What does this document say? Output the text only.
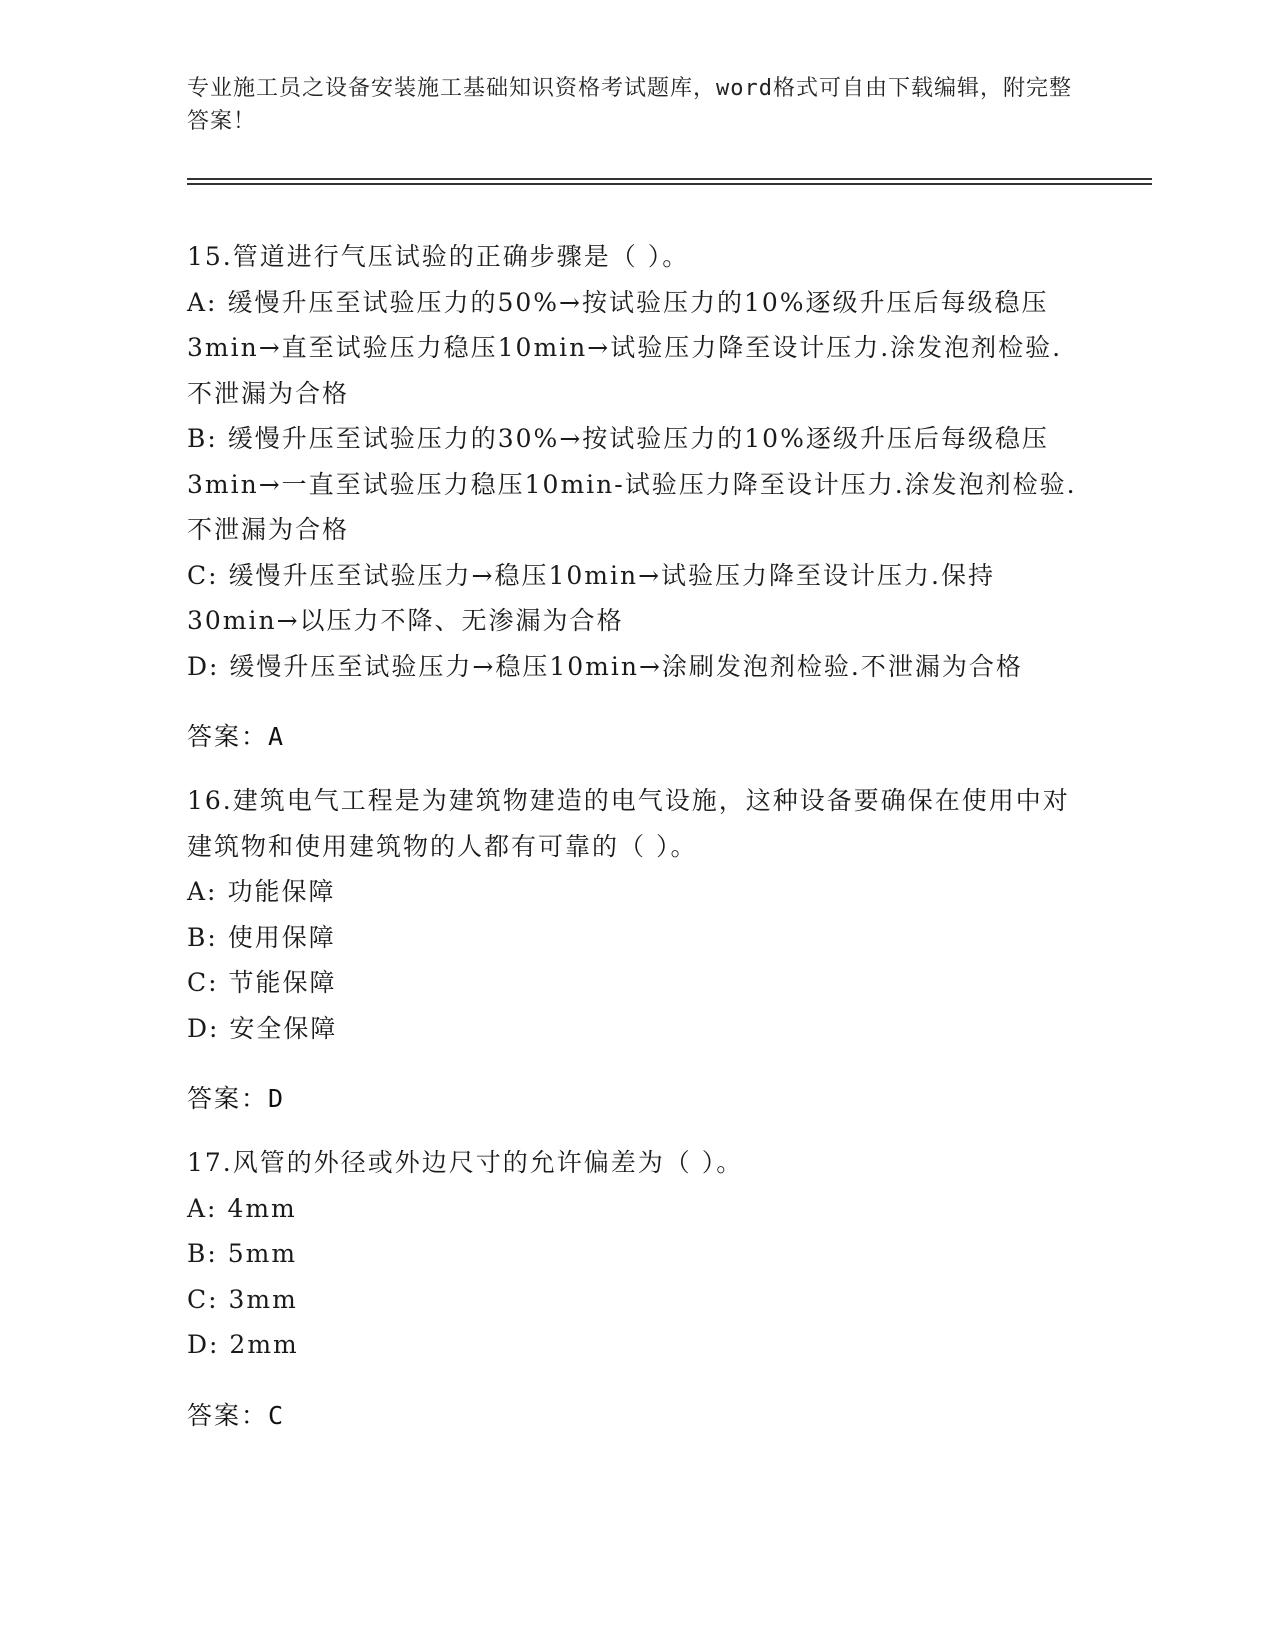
专业施工员之设备安装施工基础知识资格考试题库，word格式可自由下载编辑，附完整答案！

15.管道进行气压试验的正确步骤是（ ）。

A: 缓慢升压至试验压力的50%→按试验压力的10%逐级升压后每级稳压3min→直至试验压力稳压10min→试验压力降至设计压力.涂发泡剂检验.不泄漏为合格

B: 缓慢升压至试验压力的30%→按试验压力的10%逐级升压后每级稳压3min→一直至试验压力稳压10min-试验压力降至设计压力.涂发泡剂检验.不泄漏为合格

C: 缓慢升压至试验压力→稳压10min→试验压力降至设计压力.保持30min→以压力不降、无渗漏为合格

D: 缓慢升压至试验压力→稳压10min→涂刷发泡剂检验.不泄漏为合格

答案：A

16.建筑电气工程是为建筑物建造的电气设施，这种设备要确保在使用中对建筑物和使用建筑物的人都有可靠的（ ）。

A: 功能保障

B: 使用保障

C: 节能保障

D: 安全保障

答案：D

17.风管的外径或外边尺寸的允许偏差为（ ）。

A: 4mm

B: 5mm

C: 3mm

D: 2mm

答案：C
